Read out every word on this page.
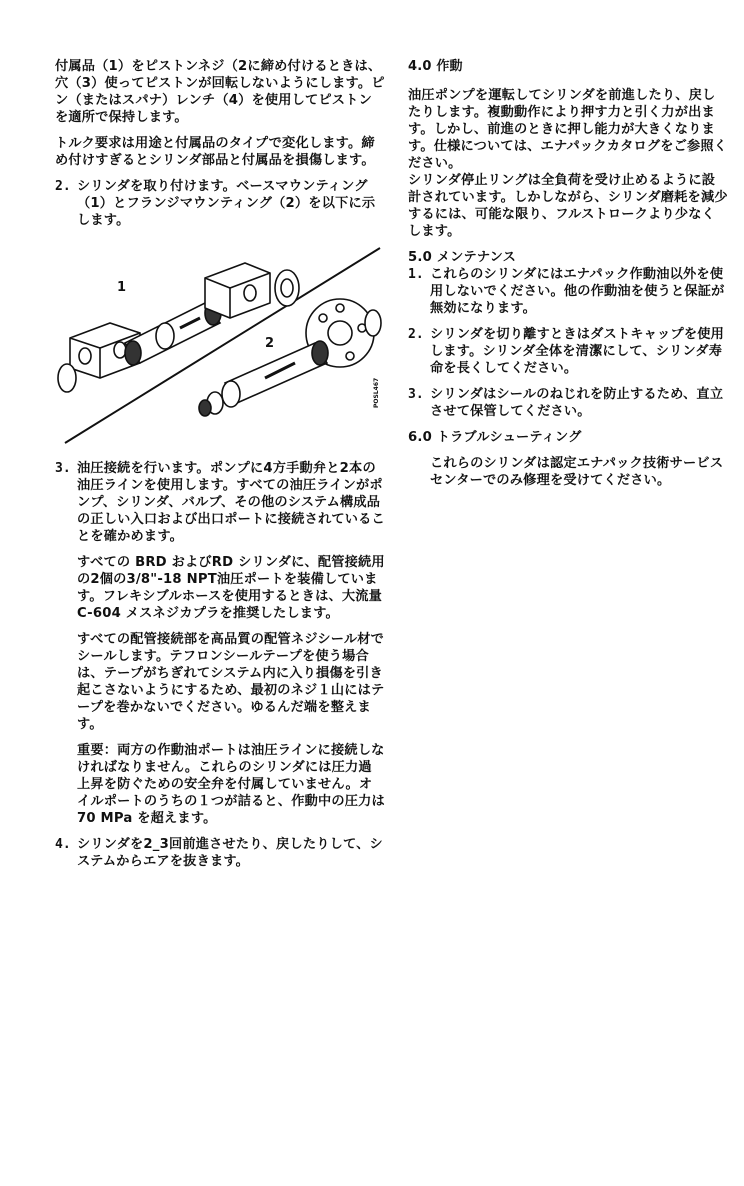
付属品（1）をピストンネジ（2に締め付けるときは、穴（3）使ってピストンが回転しないようにします。ピン（またはスパナ）レンチ（4）を使用してピストンを適所で保持します。

トルク要求は用途と付属品のタイプで変化します。締め付けすぎるとシリンダ部品と付属品を損傷します。

2. シリンダを取り付けます。ベースマウンティング（1）とフランジマウンティング（2）を以下に示します。

1
2
POSL467
3. 油圧接続を行います。ポンプに4方手動弁と2本の油圧ラインを使用します。すべての油圧ラインがポンプ、シリンダ、バルブ、その他のシステム構成品の正しい入口および出口ポートに接続されていることを確かめます。

すべての BRD およびRD シリンダに、配管接続用の2個の3/8"-18 NPT油圧ポートを装備しています。フレキシブルホースを使用するときは、大流量 C-604 メスネジカプラを推奨したします。

すべての配管接続部を高品質の配管ネジシール材でシールします。テフロンシールテープを使う場合は、テープがちぎれてシステム内に入り損傷を引き起こさないようにするため、最初のネジ１山にはテープを巻かないでください。ゆるんだ端を整えます。

重要：両方の作動油ポートは油圧ラインに接続しなければなりません。これらのシリンダには圧力過上昇を防ぐための安全弁を付属していません。オイルポートのうちの１つが詰ると、作動中の圧力は70 MPa を超えます。

4. シリンダを2_3回前進させたり、戻したりして、システムからエアを抜きます。

4.0 作動

油圧ポンプを運転してシリンダを前進したり、戻したりします。複動動作により押す力と引く力が出ます。しかし、前進のときに押し能力が大きくなります。仕様については、エナパックカタログをご参照ください。

シリンダ停止リングは全負荷を受け止めるように設計されています。しかしながら、シリンダ磨耗を減少するには、可能な限り、フルストロークより少なくします。

5.0 メンテナンス

1. これらのシリンダにはエナパック作動油以外を使用しないでください。他の作動油を使うと保証が無効になります。

2. シリンダを切り離すときはダストキャップを使用します。シリンダ全体を清潔にして、シリンダ寿命を長くしてください。

3. シリンダはシールのねじれを防止するため、直立させて保管してください。

6.0 トラブルシューティング

これらのシリンダは認定エナパック技術サービスセンターでのみ修理を受けてください。
